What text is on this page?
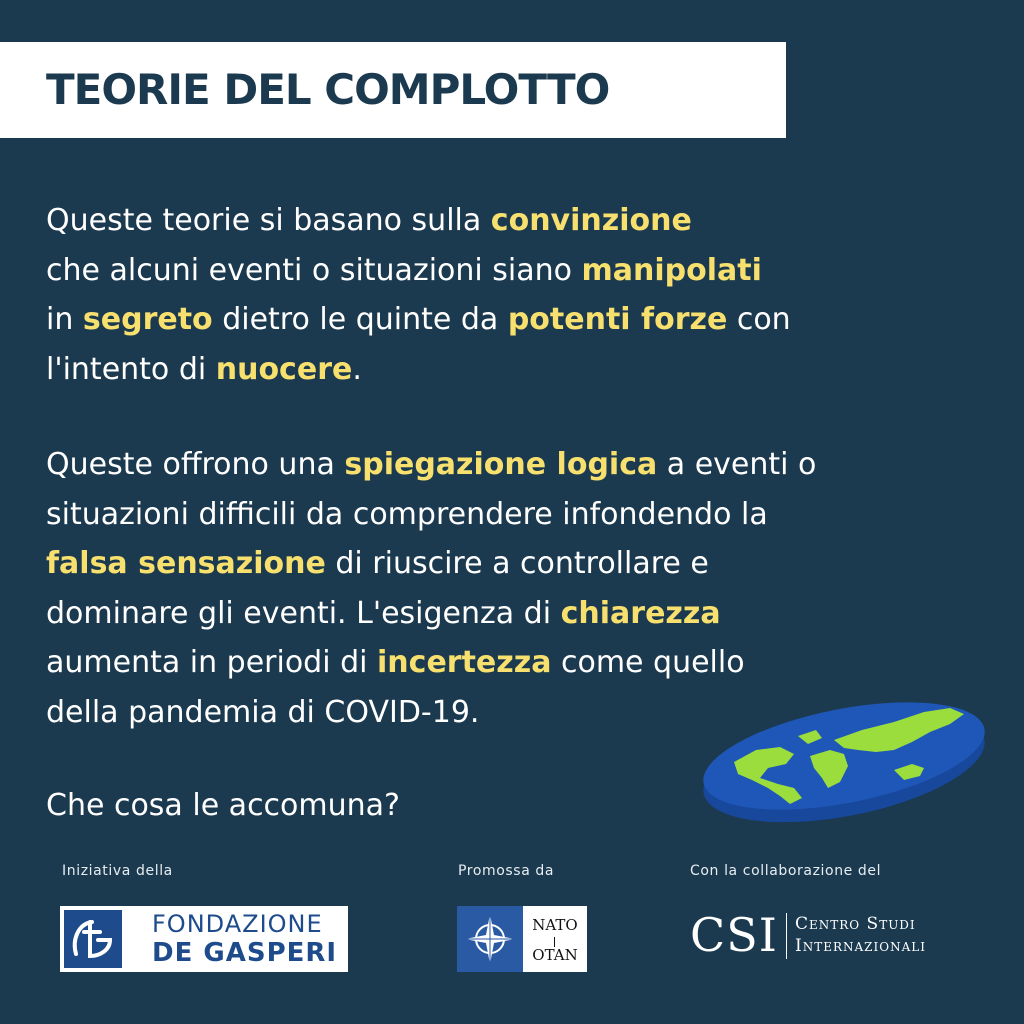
TEORIE DEL COMPLOTTO

Queste teorie si basano sulla convinzione
che alcuni eventi o situazioni siano manipolati
in segreto dietro le quinte da potenti forze con
l'intento di nuocere.

Queste offrono una spiegazione logica a eventi o
situazioni difficili da comprendere infondendo la
falsa sensazione di riuscire a controllare e
dominare gli eventi. L'esigenza di chiarezza
aumenta in periodi di incertezza come quello
della pandemia di COVID-19.

Che cosa le accomuna?

Iniziativa della	Promossa da	Con la collaborazione del
FONDAZIONE
DE GASPERI
NATO
OTAN CSI Centro Studi
Internazionali
